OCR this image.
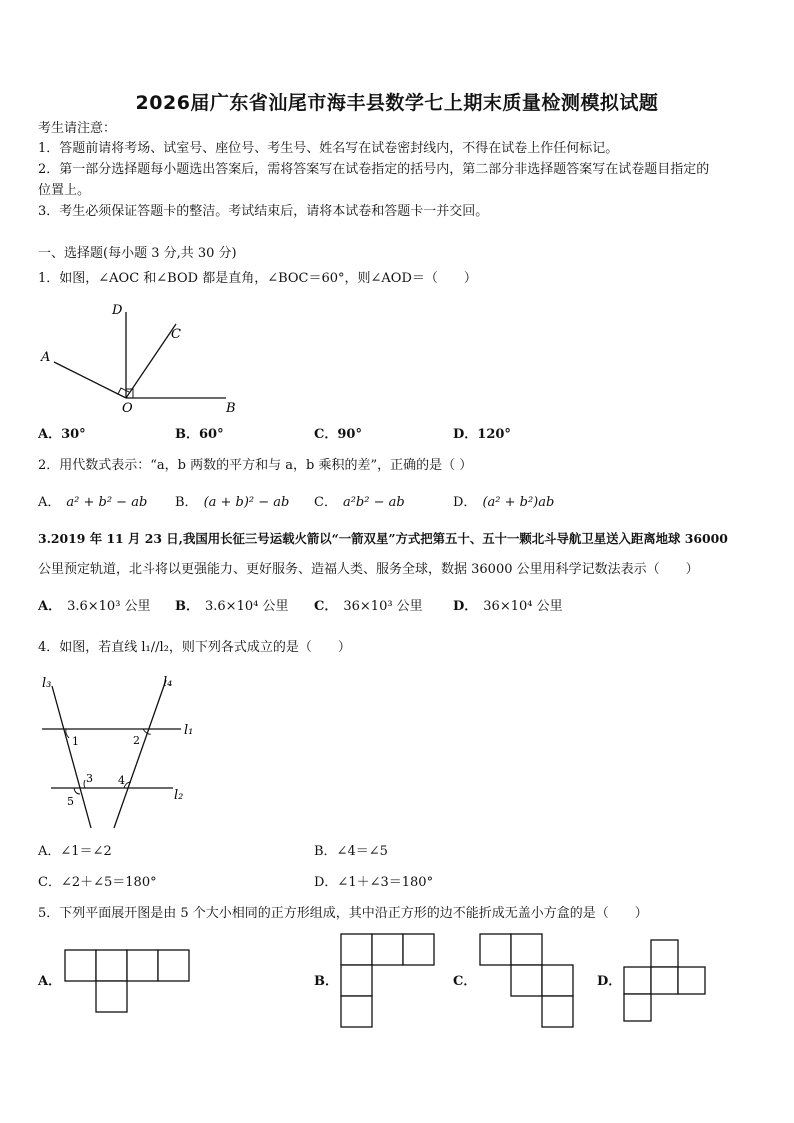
2026届广东省汕尾市海丰县数学七上期末质量检测模拟试题
考生请注意：
1．答题前请将考场、试室号、座位号、考生号、姓名写在试卷密封线内，不得在试卷上作任何标记。
2．第一部分选择题每小题选出答案后，需将答案写在试卷指定的括号内，第二部分非选择题答案写在试卷题目指定的
位置上。
3．考生必须保证答题卡的整洁。考试结束后，请将本试卷和答题卡一并交回。
一、选择题(每小题 3 分,共 30 分)
1．如图，∠AOC 和∠BOD 都是直角，∠BOC＝60°，则∠AOD＝（　　）
D
C
A
O	B
A．30°	B．60°	C．90°	D．120°
2．用代数式表示：“a，b 两数的平方和与 a，b 乘积的差”，正确的是（ ）
A． a² + b² − ab B． (a + b)² − ab C． a²b² − ab	D． (a² + b²)ab
3.2019 年 11 月 23 日,我国用长征三号运载火箭以“一箭双星”方式把第五十、五十一颗北斗导航卫星送入距离地球 36000
公里预定轨道，北斗将以更强能力、更好服务、造福人类、服务全球，数据 36000 公里用科学记数法表示（　　）
A． 3.6×10³ 公里 B． 3.6×10⁴ 公里 C． 36×10³ 公里 D． 36×10⁴ 公里
4．如图，若直线 l₁//l₂，则下列各式成立的是（　　）
l₃	l₄
l₁
l₂
1	2
3 4
5
A．∠1＝∠2	B．∠4＝∠5
C．∠2＋∠5＝180°	D．∠1＋∠3＝180°
5．下列平面展开图是由 5 个大小相同的正方形组成，其中沿正方形的边不能折成无盖小方盒的是（　　）
A．	B．	C．	D．
